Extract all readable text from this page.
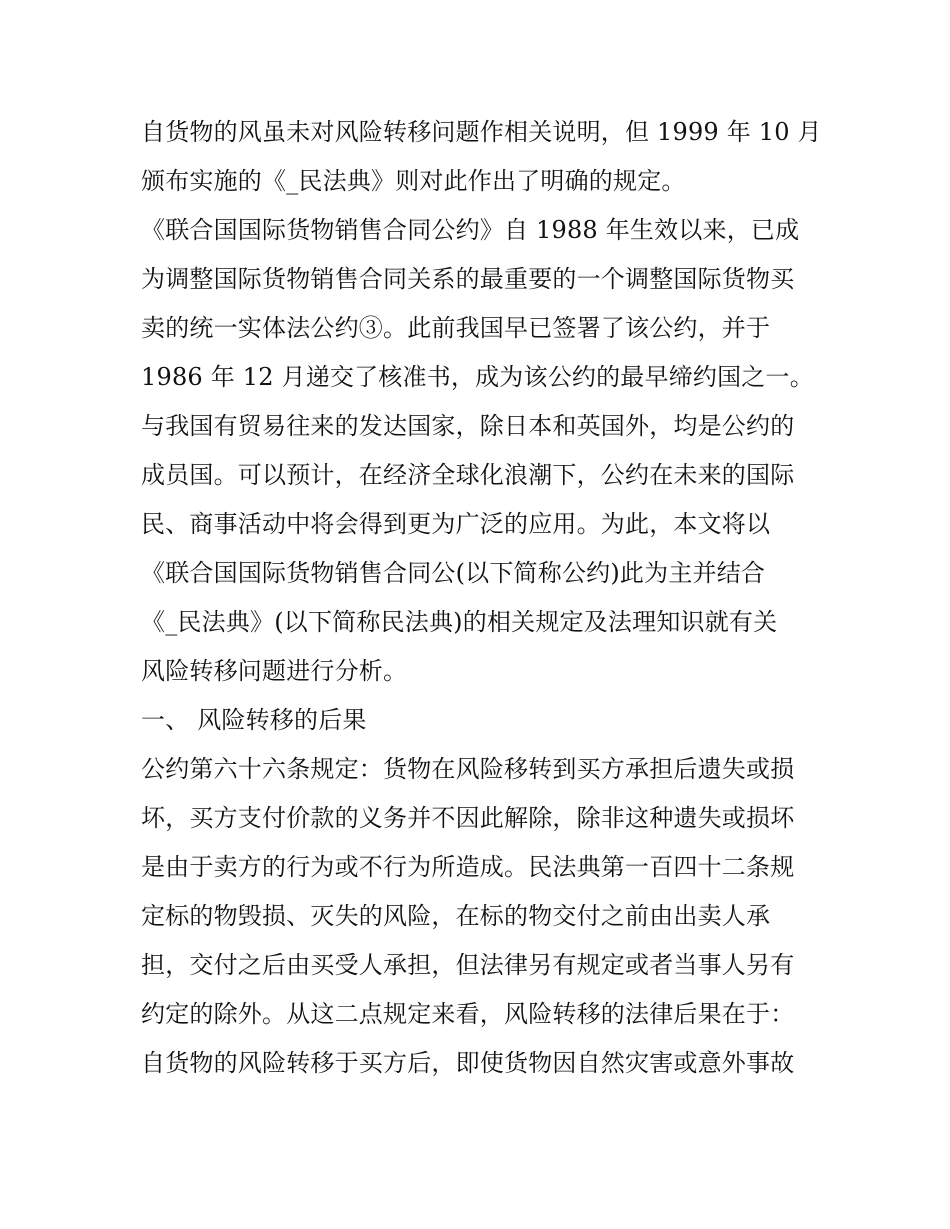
自货物的风虽未对风险转移问题作相关说明，但 1999 年 10 月
颁布实施的《_民法典》则对此作出了明确的规定。
《联合国国际货物销售合同公约》自 1988 年生效以来，已成
为调整国际货物销售合同关系的最重要的一个调整国际货物买
卖的统一实体法公约③。此前我国早已签署了该公约，并于
1986 年 12 月递交了核准书，成为该公约的最早缔约国之一。
与我国有贸易往来的发达国家，除日本和英国外，均是公约的
成员国。可以预计，在经济全球化浪潮下，公约在未来的国际
民、商事活动中将会得到更为广泛的应用。为此，本文将以
《联合国国际货物销售合同公(以下简称公约)此为主并结合
《_民法典》(以下简称民法典)的相关规定及法理知识就有关
风险转移问题进行分析。
一、 风险转移的后果
公约第六十六条规定：货物在风险移转到买方承担后遗失或损
坏，买方支付价款的义务并不因此解除，除非这种遗失或损坏
是由于卖方的行为或不行为所造成。民法典第一百四十二条规
定标的物毁损、灭失的风险，在标的物交付之前由出卖人承
担，交付之后由买受人承担，但法律另有规定或者当事人另有
约定的除外。从这二点规定来看，风险转移的法律后果在于：
自货物的风险转移于买方后，即使货物因自然灾害或意外事故
